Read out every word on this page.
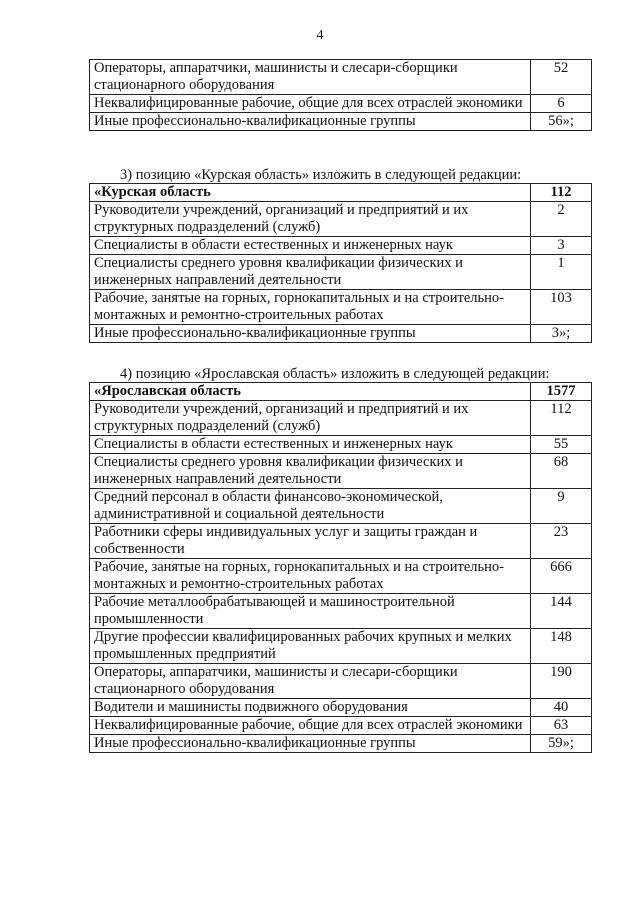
4
Операторы, аппаратчики, машинисты и слесари-сборщики стационарного оборудования	52
Неквалифицированные рабочие, общие для всех отраслей экономики	6
Иные профессионально-квалификационные группы	56»;
3) позицию «Курская область» изложить в следующей редакции:
«Курская область	112
Руководители учреждений, организаций и предприятий и их структурных подразделений (служб)	2
Специалисты в области естественных и инженерных наук	3
Специалисты среднего уровня квалификации физических и инженерных направлений деятельности	1
Рабочие, занятые на горных, горнокапитальных и на строительно-монтажных и ремонтно-строительных работах	103
Иные профессионально-квалификационные группы	3»;
4) позицию «Ярославская область» изложить в следующей редакции:
«Ярославская область	1577
Руководители учреждений, организаций и предприятий и их структурных подразделений (служб)	112
Специалисты в области естественных и инженерных наук	55
Специалисты среднего уровня квалификации физических и инженерных направлений деятельности	68
Средний персонал в области финансово-экономической, административной и социальной деятельности	9
Работники сферы индивидуальных услуг и защиты граждан и собственности	23
Рабочие, занятые на горных, горнокапитальных и на строительно-монтажных и ремонтно-строительных работах	666
Рабочие металлообрабатывающей и машиностроительной промышленности	144
Другие профессии квалифицированных рабочих крупных и мелких промышленных предприятий	148
Операторы, аппаратчики, машинисты и слесари-сборщики стационарного оборудования	190
Водители и машинисты подвижного оборудования	40
Неквалифицированные рабочие, общие для всех отраслей экономики	63
Иные профессионально-квалификационные группы	59»;
